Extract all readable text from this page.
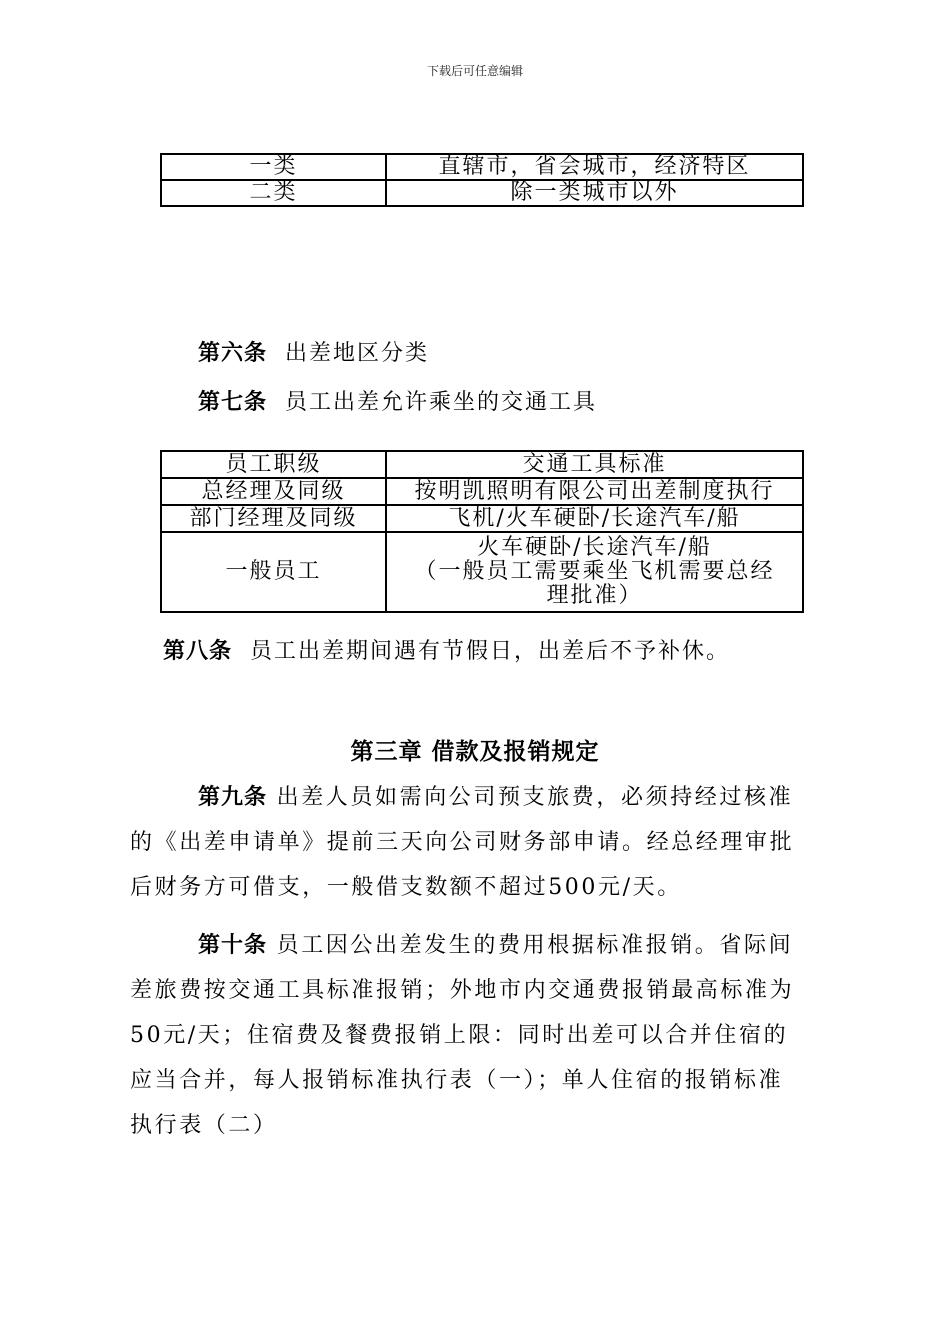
下载后可任意编辑
一类	直辖市，省会城市，经济特区
二类	除一类城市以外
第六条 出差地区分类
第七条 员工出差允许乘坐的交通工具
员工职级	交通工具标准
总经理及同级	按明凯照明有限公司出差制度执行
部门经理及同级	飞机/火车硬卧/长途汽车/船
一般员工	火车硬卧/长途汽车/船
（一般员工需要乘坐飞机需要总经
理批准）
第八条 员工出差期间遇有节假日，出差后不予补休。
第三章 借款及报销规定
第九条 出差人员如需向公司预支旅费，必须持经过核准
的《出差申请单》提前三天向公司财务部申请。经总经理审批
后财务方可借支，一般借支数额不超过500元/天。
第十条 员工因公出差发生的费用根据标准报销。省际间
差旅费按交通工具标准报销；外地市内交通费报销最高标准为
50元/天；住宿费及餐费报销上限：同时出差可以合并住宿的
应当合并，每人报销标准执行表（一）；单人住宿的报销标准
执行表（二）
